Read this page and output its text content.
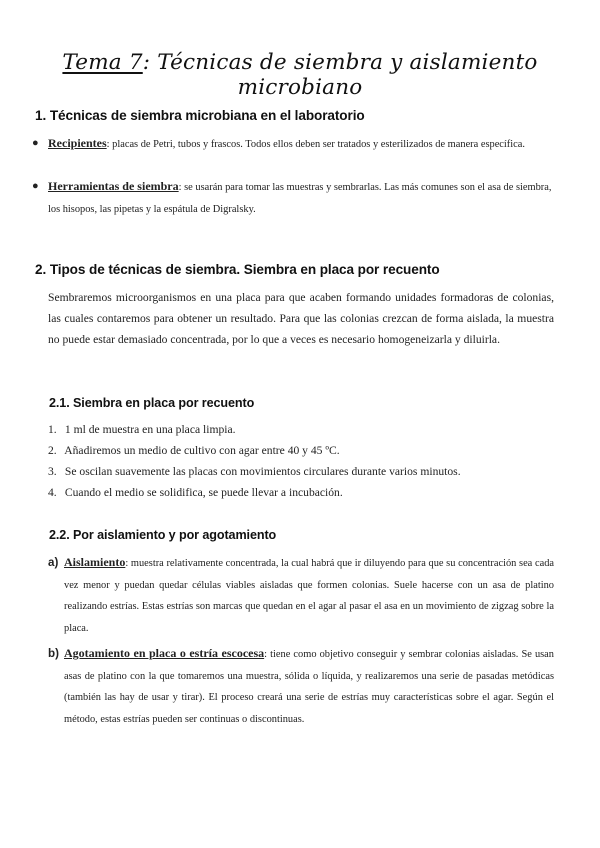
Tema 7: Técnicas de siembra y aislamiento microbiano
1. Técnicas de siembra microbiana en el laboratorio
● Recipientes: placas de Petri, tubos y frascos. Todos ellos deben ser tratados y esterilizados de manera específica.
● Herramientas de siembra: se usarán para tomar las muestras y sembrarlas. Las más comunes son el asa de siembra, los hisopos, las pipetas y la espátula de Digralsky.
2. Tipos de técnicas de siembra. Siembra en placa por recuento
Sembraremos microorganismos en una placa para que acaben formando unidades formadoras de colonias, las cuales contaremos para obtener un resultado. Para que las colonias crezcan de forma aislada, la muestra no puede estar demasiado concentrada, por lo que a veces es necesario homogeneizarla y diluirla.
2.1. Siembra en placa por recuento
1. 1 ml de muestra en una placa limpia.
2. Añadiremos un medio de cultivo con agar entre 40 y 45 ºC.
3. Se oscilan suavemente las placas con movimientos circulares durante varios minutos.
4. Cuando el medio se solidifica, se puede llevar a incubación.
2.2. Por aislamiento y por agotamiento
a) Aislamiento: muestra relativamente concentrada, la cual habrá que ir diluyendo para que su concentración sea cada vez menor y puedan quedar células viables aisladas que formen colonias. Suele hacerse con un asa de platino realizando estrías. Estas estrías son marcas que quedan en el agar al pasar el asa en un movimiento de zigzag sobre la placa.
b) Agotamiento en placa o estría escocesa: tiene como objetivo conseguir y sembrar colonias aisladas. Se usan asas de platino con la que tomaremos una muestra, sólida o líquida, y realizaremos una serie de pasadas metódicas (también las hay de usar y tirar). El proceso creará una serie de estrías muy características sobre el agar. Según el método, estas estrías pueden ser continuas o discontinuas.
